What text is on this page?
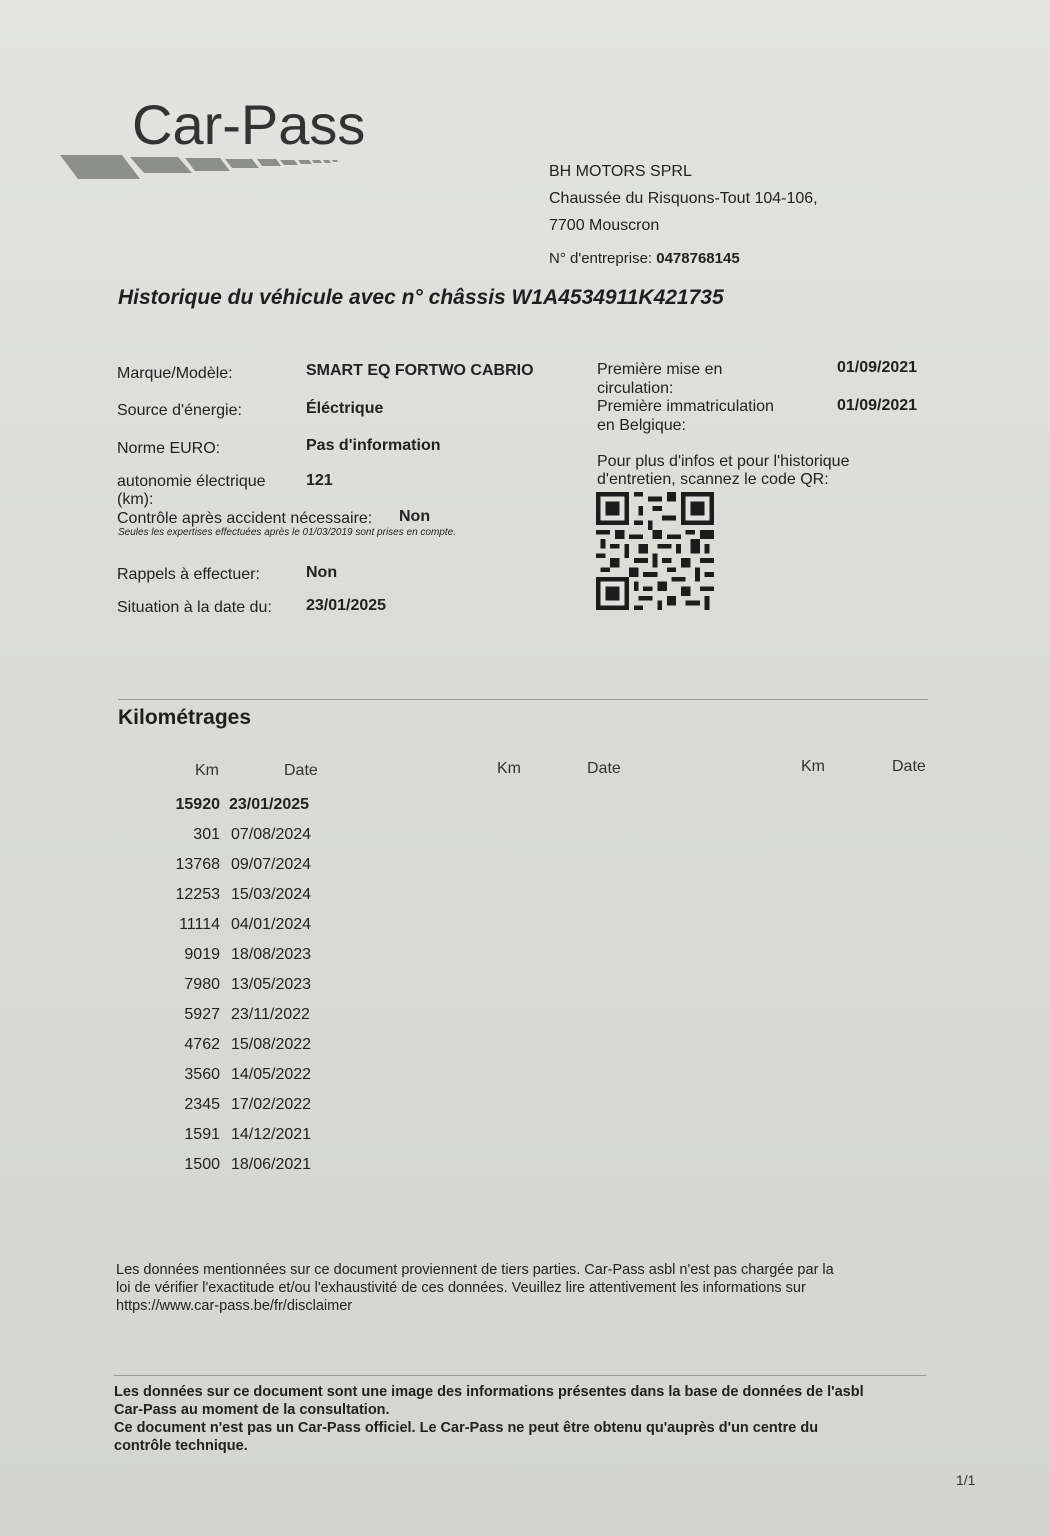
Car-Pass
BH MOTORS SPRL
Chaussée du Risquons-Tout 104-106,
7700 Mouscron
N° d'entreprise: 0478768145
Historique du véhicule avec n° châssis W1A4534911K421735
Marque/Modèle:	SMART EQ FORTWO CABRIO
Source d'énergie:	Éléctrique
Norme EURO:	Pas d'information
autonomie électrique
(km):
121
Contrôle après accident nécessaire: Non
Seules les expertises effectuées après le 01/03/2019 sont prises en compte.
Rappels à effectuer:	Non
Situation à la date du: 23/01/2025
Première mise en
circulation:
01/09/2021
Première immatriculation
en Belgique:
01/09/2021
Pour plus d'infos et pour l'historique
d'entretien, scannez le code QR:
Kilométrages
Km	Date	Km	Date	Km	Date
15920 23/01/2025
301 07/08/2024
13768 09/07/2024
12253 15/03/2024
11114 04/01/2024
9019 18/08/2023
7980 13/05/2023
5927 23/11/2022
4762 15/08/2022
3560 14/05/2022
2345 17/02/2022
1591 14/12/2021
1500 18/06/2021
Les données mentionnées sur ce document proviennent de tiers parties. Car-Pass asbl n'est pas chargée par la
loi de vérifier l'exactitude et/ou l'exhaustivité de ces données. Veuillez lire attentivement les informations sur
https://www.car-pass.be/fr/disclaimer
Les données sur ce document sont une image des informations présentes dans la base de données de l'asbl
Car-Pass au moment de la consultation.
Ce document n'est pas un Car-Pass officiel. Le Car-Pass ne peut être obtenu qu'auprès d'un centre du
contrôle technique.
1/1
